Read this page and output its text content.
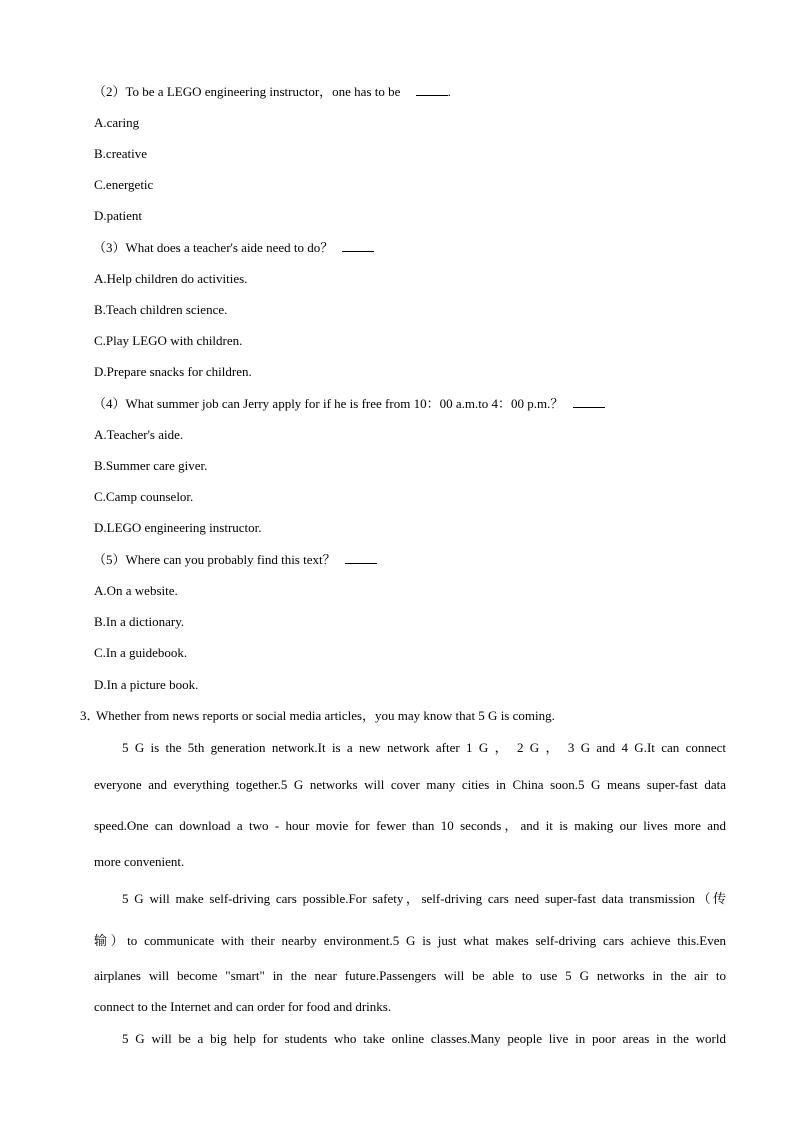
（2）To be a LEGO engineering instructor，one has to be	.
A.caring
B.creative
C.energetic
D.patient
（3）What does a teacher's aide need to do？
A.Help children do activities.
B.Teach children science.
C.Play LEGO with children.
D.Prepare snacks for children.
（4）What summer job can Jerry apply for if he is free from 10：00 a.m.to 4：00 p.m.？
A.Teacher's aide.
B.Summer care giver.
C.Camp counselor.
D.LEGO engineering instructor.
（5）Where can you probably find this text？
A.On a website.
B.In a dictionary.
C.In a guidebook.
D.In a picture book.
3．
Whether from news reports or social media articles，you may know that 5 G is coming.
5 G is the 5th generation network.It is a new network after 1 G ， 2 G ， 3 G and 4 G.It can connect
everyone and everything together.5 G networks will cover many cities in China soon.5 G means super-fast data
speed.One can download a two - hour movie for fewer than 10 seconds，and it is making our lives more and
more convenient.
5 G will make self-driving cars possible.For safety，self-driving cars need super-fast data transmission（传
输）to communicate with their nearby environment.5 G is just what makes self-driving cars achieve this.Even
airplanes will become "smart" in the near future.Passengers will be able to use 5 G networks in the air to
connect to the Internet and can order for food and drinks.
5 G will be a big help for students who take online classes.Many people live in poor areas in the world
